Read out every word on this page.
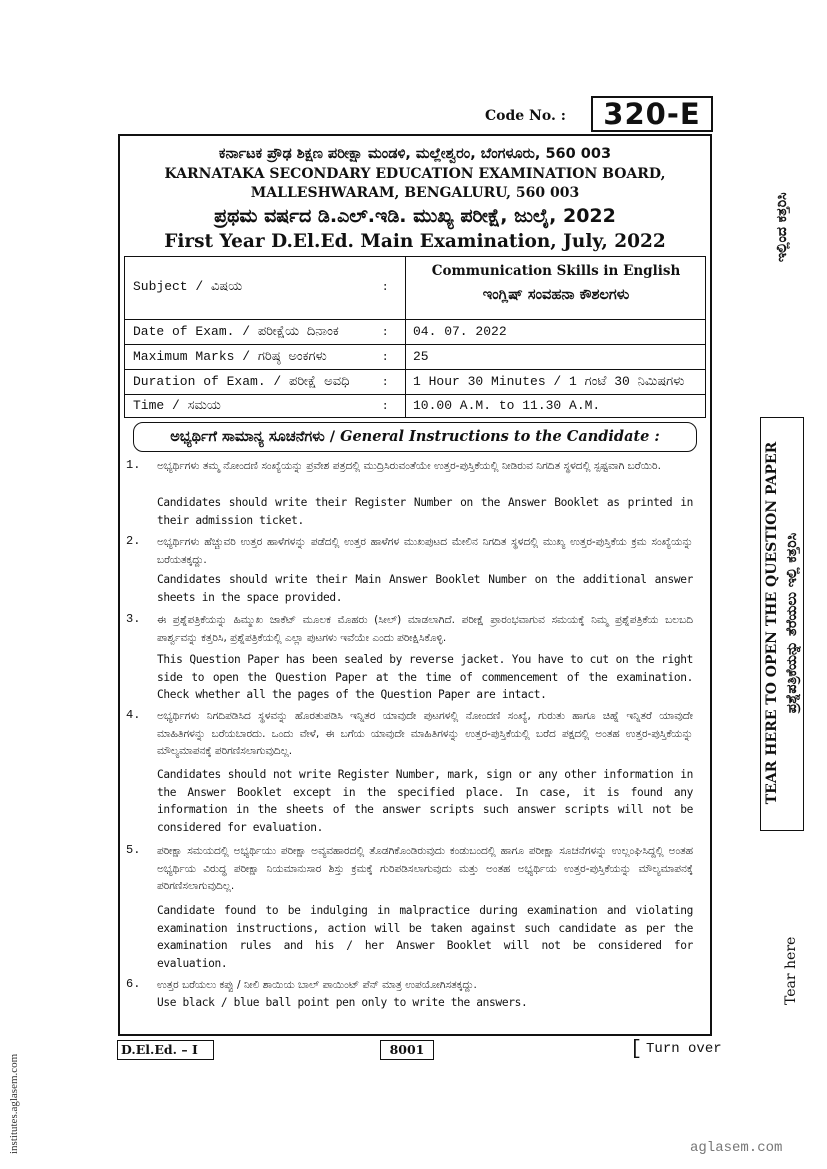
Code No. :	320-E
ಕರ್ನಾಟಕ ಪ್ರೌಢ ಶಿಕ್ಷಣ ಪರೀಕ್ಷಾ ಮಂಡಳಿ, ಮಲ್ಲೇಶ್ವರಂ, ಬೆಂಗಳೂರು, 560 003
KARNATAKA SECONDARY EDUCATION EXAMINATION BOARD,
MALLESHWARAM, BENGALURU, 560 003
ಪ್ರಥಮ ವರ್ಷದ ಡಿ.ಎಲ್.ಇಡಿ. ಮುಖ್ಯ ಪರೀಕ್ಷೆ, ಜುಲೈ, 2022
First Year D.El.Ed. Main Examination, July, 2022
Subject / ವಿಷಯ	:
Communication Skills in English
ಇಂಗ್ಲಿಷ್ ಸಂವಹನಾ ಕೌಶಲಗಳು
Date of Exam. / ಪರೀಕ್ಷೆಯ ದಿನಾಂಕ	: 04. 07. 2022
Maximum Marks / ಗರಿಷ್ಠ ಅಂಕಗಳು	: 25
Duration of Exam. / ಪರೀಕ್ಷೆ ಅವಧಿ	: 1 Hour 30 Minutes / 1 ಗಂಟೆ 30 ನಿಮಿಷಗಳು
Time / ಸಮಯ	: 10.00 A.M. to 11.30 A.M.
ಅಭ್ಯರ್ಥಿಗೆ ಸಾಮಾನ್ಯ ಸೂಚನೆಗಳು / General Instructions to the Candidate :
1. ಅಭ್ಯರ್ಥಿಗಳು ತಮ್ಮ ನೋಂದಣಿ ಸಂಖ್ಯೆಯನ್ನು ಪ್ರವೇಶ ಪತ್ರದಲ್ಲಿ ಮುದ್ರಿಸಿರುವಂತೆಯೇ ಉತ್ತರ-ಪುಸ್ತಿಕೆಯಲ್ಲಿ ನೀಡಿರುವ ನಿಗದಿತ ಸ್ಥಳದಲ್ಲಿ ಸ್ಪಷ್ಟವಾಗಿ ಬರೆಯಿರಿ.
Candidates should write their Register Number on the Answer Booklet as printed in their admission ticket.
2. ಅಭ್ಯರ್ಥಿಗಳು ಹೆಚ್ಚುವರಿ ಉತ್ತರ ಹಾಳೆಗಳನ್ನು ಪಡೆದಲ್ಲಿ ಉತ್ತರ ಹಾಳೆಗಳ ಮುಖಪುಟದ ಮೇಲಿನ ನಿಗದಿತ ಸ್ಥಳದಲ್ಲಿ ಮುಖ್ಯ ಉತ್ತರ-ಪುಸ್ತಿಕೆಯ ಕ್ರಮ ಸಂಖ್ಯೆಯನ್ನು ಬರೆಯತಕ್ಕದ್ದು.
Candidates should write their Main Answer Booklet Number on the additional answer sheets in the space provided.
3. ಈ ಪ್ರಶ್ನೆಪತ್ರಿಕೆಯನ್ನು ಹಿಮ್ಮುಖ ಜಾಕೆಟ್ ಮೂಲಕ ಮೊಹರು (ಸೀಲ್) ಮಾಡಲಾಗಿದೆ. ಪರೀಕ್ಷೆ ಪ್ರಾರಂಭವಾಗುವ ಸಮಯಕ್ಕೆ ನಿಮ್ಮ ಪ್ರಶ್ನೆಪತ್ರಿಕೆಯ ಬಲಬದಿ ಪಾರ್ಶ್ವವನ್ನು ಕತ್ತರಿಸಿ, ಪ್ರಶ್ನೆಪತ್ರಿಕೆಯಲ್ಲಿ ಎಲ್ಲಾ ಪುಟಗಳು ಇವೆಯೇ ಎಂದು ಪರೀಕ್ಷಿಸಿಕೊಳ್ಳಿ.
This Question Paper has been sealed by reverse jacket. You have to cut on the right side to open the Question Paper at the time of commencement of the examination. Check whether all the pages of the Question Paper are intact.
4. ಅಭ್ಯರ್ಥಿಗಳು ನಿಗದಿಪಡಿಸಿದ ಸ್ಥಳವನ್ನು ಹೊರತುಪಡಿಸಿ ಇನ್ನಿತರ ಯಾವುದೇ ಪುಟಗಳಲ್ಲಿ ನೋಂದಣಿ ಸಂಖ್ಯೆ, ಗುರುತು ಹಾಗೂ ಚಿಹ್ನೆ ಇನ್ನಿತರೆ ಯಾವುದೇ ಮಾಹಿತಿಗಳನ್ನು ಬರೆಯಬಾರದು. ಒಂದು ವೇಳೆ, ಈ ಬಗೆಯ ಯಾವುದೇ ಮಾಹಿತಿಗಳನ್ನು ಉತ್ತರ-ಪುಸ್ತಿಕೆಯಲ್ಲಿ ಬರೆದ ಪಕ್ಷದಲ್ಲಿ ಅಂತಹ ಉತ್ತರ-ಪುಸ್ತಿಕೆಯನ್ನು ಮೌಲ್ಯಮಾಪನಕ್ಕೆ ಪರಿಗಣಿಸಲಾಗುವುದಿಲ್ಲ.
Candidates should not write Register Number, mark, sign or any other information in the Answer Booklet except in the specified place. In case, it is found any information in the sheets of the answer scripts such answer scripts will not be considered for evaluation.
5. ಪರೀಕ್ಷಾ ಸಮಯದಲ್ಲಿ ಅಭ್ಯರ್ಥಿಯು ಪರೀಕ್ಷಾ ಅವ್ಯವಹಾರದಲ್ಲಿ ತೊಡಗಿಕೊಂಡಿರುವುದು ಕಂಡುಬಂದಲ್ಲಿ ಹಾಗೂ ಪರೀಕ್ಷಾ ಸೂಚನೆಗಳನ್ನು ಉಲ್ಲಂಘಿಸಿದ್ದಲ್ಲಿ ಅಂತಹ ಅಭ್ಯರ್ಥಿಯ ವಿರುದ್ಧ ಪರೀಕ್ಷಾ ನಿಯಮಾನುಸಾರ ಶಿಸ್ತು ಕ್ರಮಕ್ಕೆ ಗುರಿಪಡಿಸಲಾಗುವುದು ಮತ್ತು ಅಂತಹ ಅಭ್ಯರ್ಥಿಯ ಉತ್ತರ-ಪುಸ್ತಿಕೆಯನ್ನು ಮೌಲ್ಯಮಾಪನಕ್ಕೆ ಪರಿಗಣಿಸಲಾಗುವುದಿಲ್ಲ.
Candidate found to be indulging in malpractice during examination and violating examination instructions, action will be taken against such candidate as per the examination rules and his / her Answer Booklet will not be considered for evaluation.
6. ಉತ್ತರ ಬರೆಯಲು ಕಪ್ಪು / ನೀಲಿ ಶಾಯಿಯ ಬಾಲ್ ಪಾಯಿಂಟ್ ಪೆನ್ ಮಾತ್ರ ಉಪಯೋಗಿಸತಕ್ಕದ್ದು.
Use black / blue ball point pen only to write the answers.
D.El.Ed. – I	8001	[ Turn over
ಇಲ್ಲಿಂದ ಕತ್ತರಿಸಿ
TEAR HERE TO OPEN THE QUESTION PAPER ಪ್ರಶ್ನೆಪತ್ರಿಕೆಯನ್ನು ತೆರೆಯಲು ಇಲ್ಲಿ ಕತ್ತರಿಸಿ
Tear here
institutes.aglasem.com	aglasem.com
